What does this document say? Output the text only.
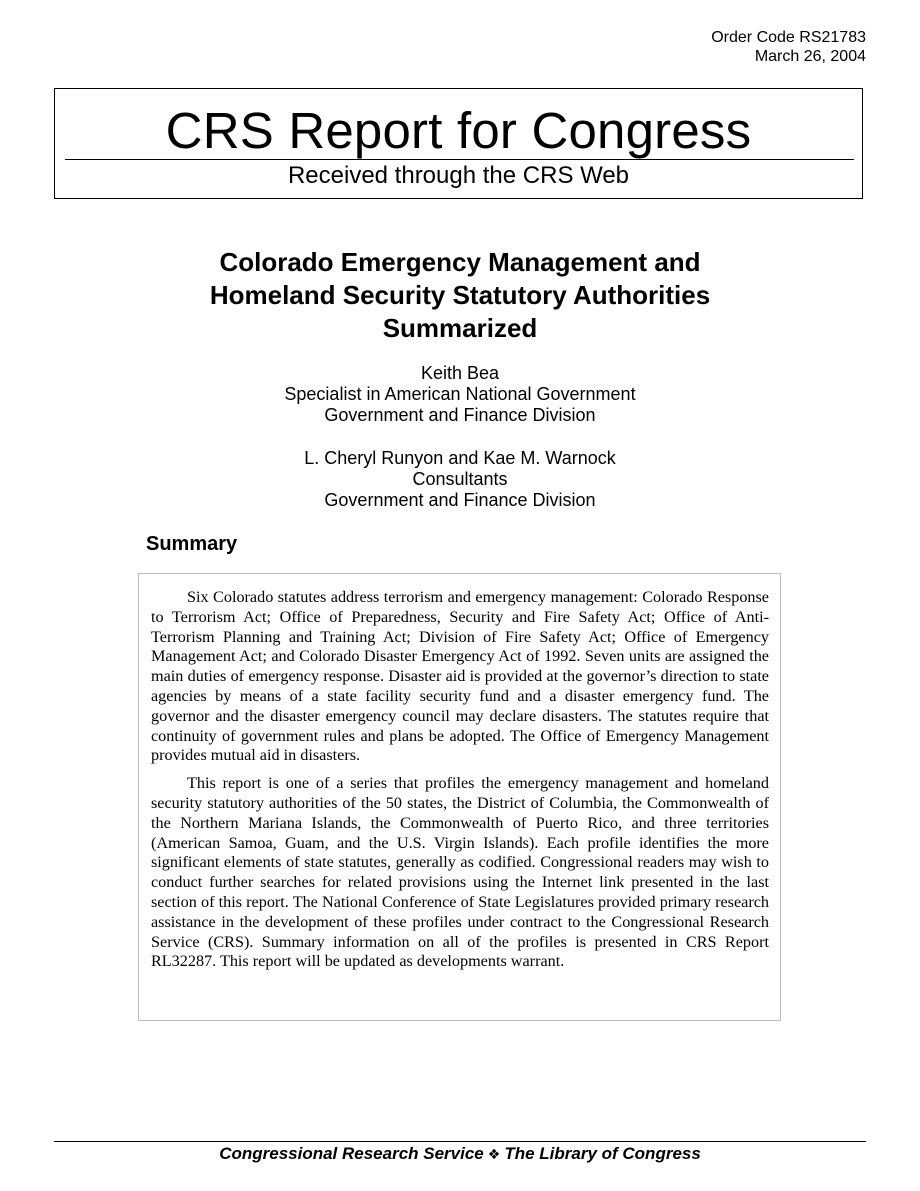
Order Code RS21783
March 26, 2004
CRS Report for Congress
Received through the CRS Web
Colorado Emergency Management and
Homeland Security Statutory Authorities
Summarized
Keith Bea
Specialist in American National Government
Government and Finance Division
L. Cheryl Runyon and Kae M. Warnock
Consultants
Government and Finance Division
Summary

Six Colorado statutes address terrorism and emergency management: Colorado Response to Terrorism Act; Office of Preparedness, Security and Fire Safety Act; Office of Anti-Terrorism Planning and Training Act; Division of Fire Safety Act; Office of Emergency Management Act; and Colorado Disaster Emergency Act of 1992. Seven units are assigned the main duties of emergency response. Disaster aid is provided at the governor’s direction to state agencies by means of a state facility security fund and a disaster emergency fund. The governor and the disaster emergency council may declare disasters. The statutes require that continuity of government rules and plans be adopted. The Office of Emergency Management provides mutual aid in disasters.

This report is one of a series that profiles the emergency management and homeland security statutory authorities of the 50 states, the District of Columbia, the Commonwealth of the Northern Mariana Islands, the Commonwealth of Puerto Rico, and three territories (American Samoa, Guam, and the U.S. Virgin Islands). Each profile identifies the more significant elements of state statutes, generally as codified. Congressional readers may wish to conduct further searches for related provisions using the Internet link presented in the last section of this report. The National Conference of State Legislatures provided primary research assistance in the development of these profiles under contract to the Congressional Research Service (CRS). Summary information on all of the profiles is presented in CRS Report RL32287. This report will be updated as developments warrant.

Congressional Research Service ❖ The Library of Congress
